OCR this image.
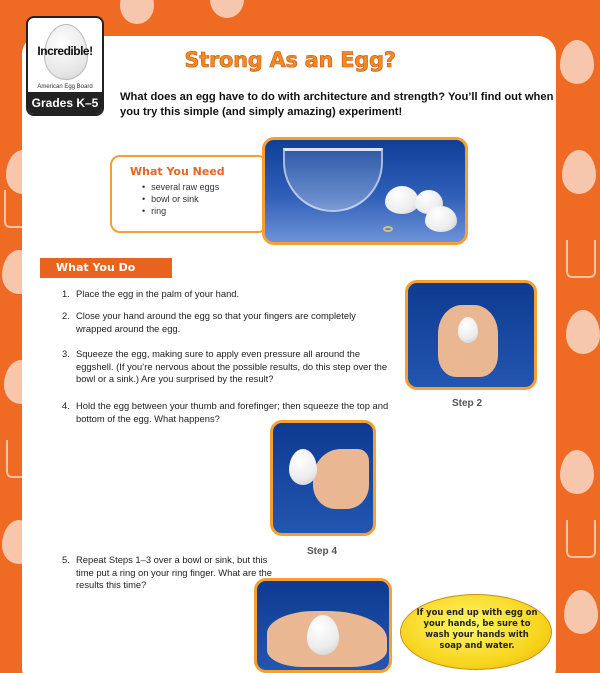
Incredible!
American Egg Board
Grades K–5
Strong As an Egg?
What does an egg have to do with architecture and strength? You’ll find out when you try this simple (and simply amazing) experiment!
What You Need
• several raw eggs
• bowl or sink
• ring
What You Do
1. Place the egg in the palm of your hand.
2. Close your hand around the egg so that your fingers are completely wrapped around the egg.
3. Squeeze the egg, making sure to apply even pressure all around the eggshell. (If you’re nervous about the possible results, do this step over the bowl or a sink.) Are you surprised by the result?
4. Hold the egg between your thumb and forefinger; then squeeze the top and bottom of the egg. What happens?
5. Repeat Steps 1–3 over a bowl or sink, but this time put a ring on your ring finger. What are the results this time?
Step 2
Step 4
If you end up with egg on your hands, be sure to wash your hands with soap and water.
